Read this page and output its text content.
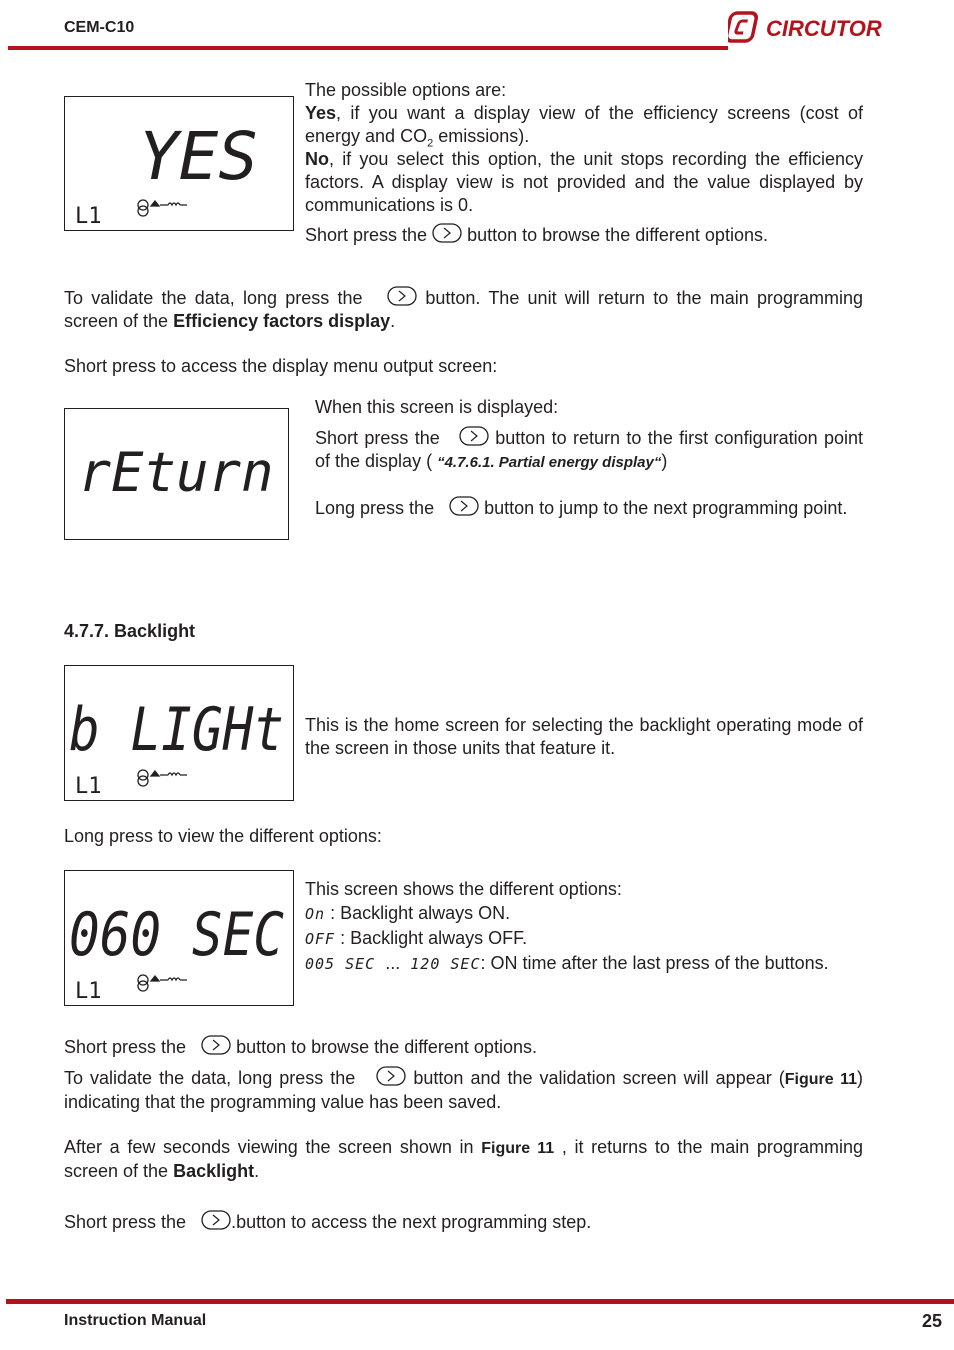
CEM-C10	CIRCUTOR
YES
L1
The possible options are:
Yes, if you want a display view of the efficiency screens (cost of energy and $CO_2$ emissions).
No, if you select this option, the unit stops recording the efficiency factors. A display view is not provided and the value displayed by communications is 0.
Short press the button to browse the different options.
To validate the data, long press the	button. The unit will return to the main programming screen of the Efficiency factors display.
Short press to access the display menu output screen:
rEturn
When this screen is displayed:
Short press the	button to return to the first configuration point of the display ( “4.7.6.1. Partial energy display“)
Long press the	button to jump to the next programming point.
4.7.7. Backlight
b LIGHt
L1
This is the home screen for selecting the backlight operating mode of the screen in those units that feature it.
Long press to view the different options:
060 SEC
L1
This screen shows the different options:
On : Backlight always ON.
OFF : Backlight always OFF.
005 SEC ... 120 SEC: ON time after the last press of the buttons.
Short press the	button to browse the different options.
To validate the data, long press the	button and the validation screen will appear (Figure 11) indicating that the programming value has been saved.
After a few seconds viewing the screen shown in Figure 11 , it returns to the main programming screen of the Backlight.
Short press the	.button to access the next programming step.
Instruction Manual	25
